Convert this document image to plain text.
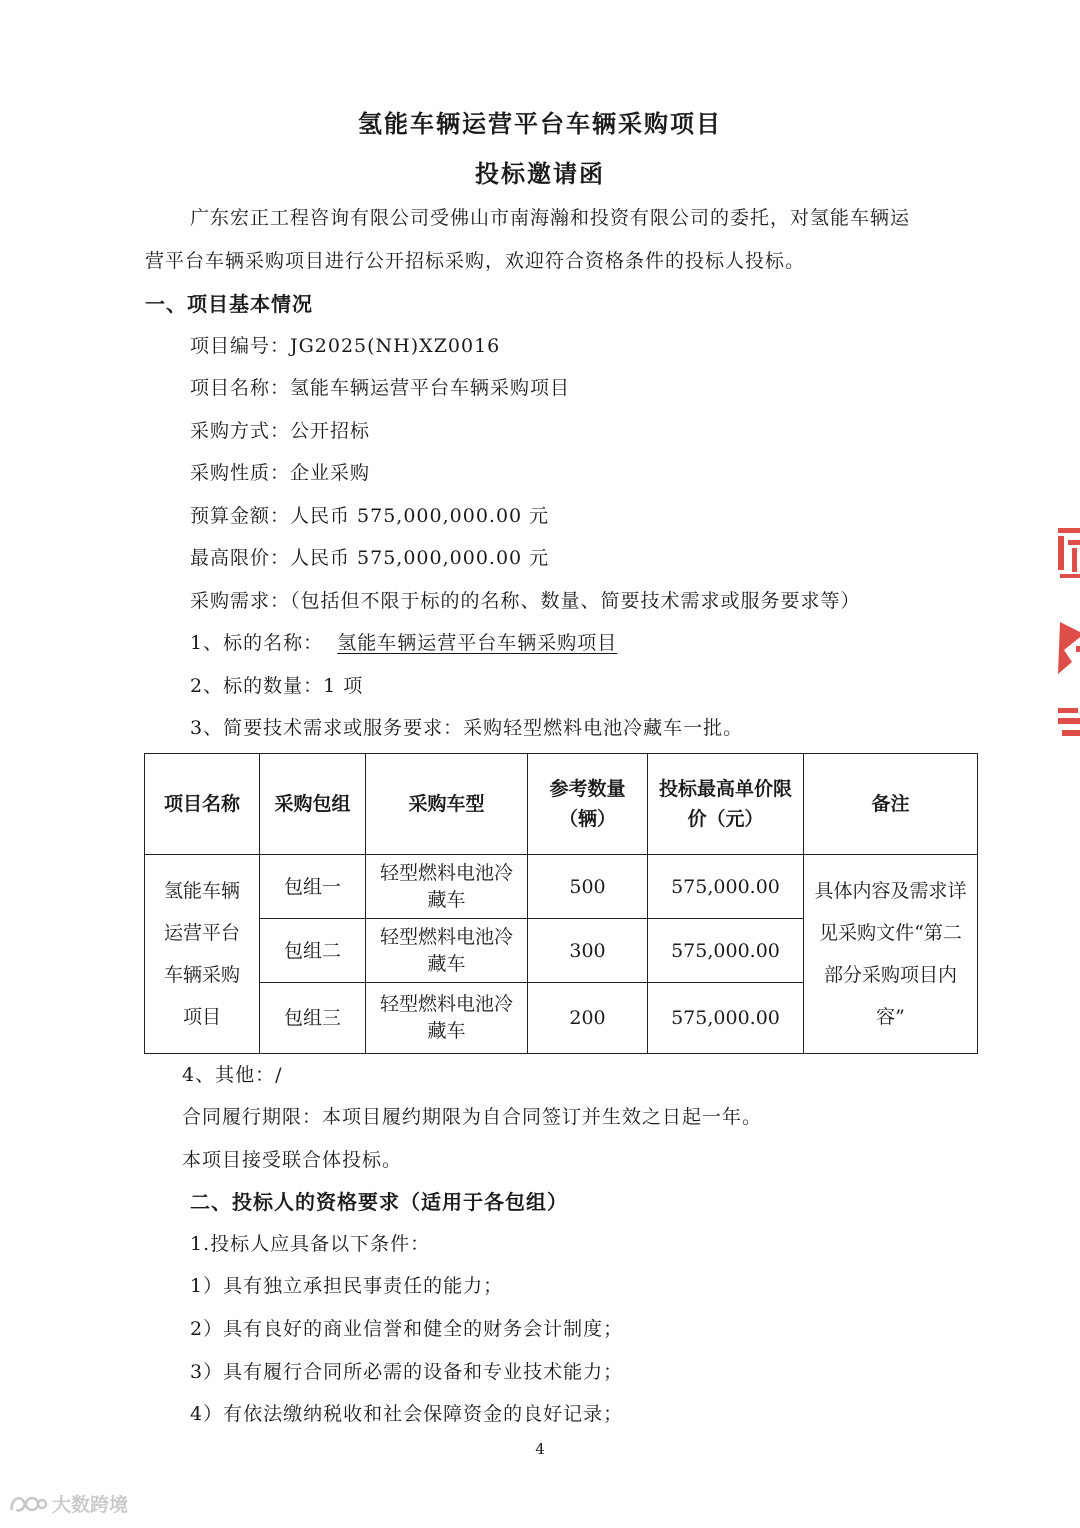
氢能车辆运营平台车辆采购项目
投标邀请函
广东宏正工程咨询有限公司受佛山市南海瀚和投资有限公司的委托，对氢能车辆运
营平台车辆采购项目进行公开招标采购，欢迎符合资格条件的投标人投标。
一、项目基本情况
项目编号：JG2025(NH)XZ0016
项目名称：氢能车辆运营平台车辆采购项目
采购方式：公开招标
采购性质：企业采购
预算金额：人民币 575,000,000.00 元
最高限价：人民币 575,000,000.00 元
采购需求：（包括但不限于标的的名称、数量、简要技术需求或服务要求等）
1、标的名称： 氢能车辆运营平台车辆采购项目
2、标的数量：1 项
3、简要技术需求或服务要求：采购轻型燃料电池冷藏车一批。
项目名称	采购包组	采购车型	参考数量（辆）	投标最高单价限价（元）	备注
氢能车辆运营平台车辆采购项目	包组一	轻型燃料电池冷藏车	500	575,000.00	具体内容及需求详见采购文件“第二部分采购项目内容”
	包组二	轻型燃料电池冷藏车	300	575,000.00	
	包组三	轻型燃料电池冷藏车	200	575,000.00	
4、其他：/
合同履行期限：本项目履约期限为自合同签订并生效之日起一年。
本项目接受联合体投标。
二、投标人的资格要求（适用于各包组）
1.投标人应具备以下条件：
1）具有独立承担民事责任的能力；
2）具有良好的商业信誉和健全的财务会计制度；
3）具有履行合同所必需的设备和专业技术能力；
4）有依法缴纳税收和社会保障资金的良好记录；
4
大数跨境
